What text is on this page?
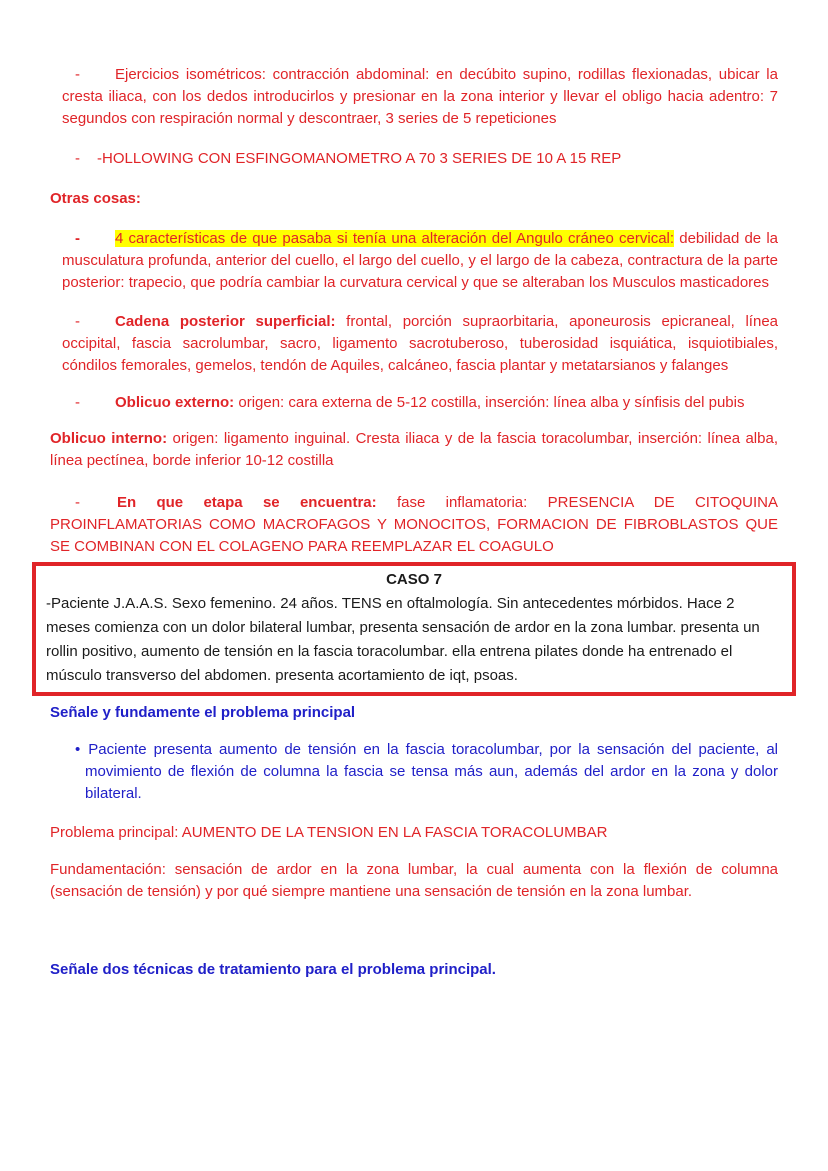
- Ejercicios isométricos: contracción abdominal: en decúbito supino, rodillas flexionadas, ubicar la cresta iliaca, con los dedos introducirlos y presionar en la zona interior y llevar el obligo hacia adentro: 7 segundos con respiración normal y descontraer, 3 series de 5 repeticiones

- -HOLLOWING CON ESFINGOMANOMETRO A 70 3 SERIES DE 10 A 15 REP

Otras cosas:

- 4 características de que pasaba si tenía una alteración del Angulo cráneo cervical: debilidad de la musculatura profunda, anterior del cuello, el largo del cuello, y el largo de la cabeza, contractura de la parte posterior: trapecio, que podría cambiar la curvatura cervical y que se alteraban los Musculos masticadores

- Cadena posterior superficial: frontal, porción supraorbitaria, aponeurosis epicraneal, línea occipital, fascia sacrolumbar, sacro, ligamento sacrotuberoso, tuberosidad isquiática, isquiotibiales, cóndilos femorales, gemelos, tendón de Aquiles, calcáneo, fascia plantar y metatarsianos y falanges

- Oblicuo externo: origen: cara externa de 5-12 costilla, inserción: línea alba y sínfisis del pubis

Oblicuo interno: origen: ligamento inguinal. Cresta iliaca y de la fascia toracolumbar, inserción: línea alba, línea pectínea, borde inferior 10-12 costilla

- En que etapa se encuentra: fase inflamatoria: PRESENCIA DE CITOQUINA PROINFLAMATORIAS COMO MACROFAGOS Y MONOCITOS, FORMACION DE FIBROBLASTOS QUE SE COMBINAN CON EL COLAGENO PARA REEMPLAZAR EL COAGULO

CASO 7

-Paciente J.A.A.S. Sexo femenino. 24 años. TENS en oftalmología. Sin antecedentes mórbidos. Hace 2 meses comienza con un dolor bilateral lumbar, presenta sensación de ardor en la zona lumbar. presenta un rollin positivo, aumento de tensión en la fascia toracolumbar. ella entrena pilates donde ha entrenado el músculo transverso del abdomen. presenta acortamiento de iqt, psoas.

Señale y fundamente el problema principal

• Paciente presenta aumento de tensión en la fascia toracolumbar, por la sensación del paciente, al movimiento de flexión de columna la fascia se tensa más aun, además del ardor en la zona y dolor bilateral.

Problema principal: AUMENTO DE LA TENSION EN LA FASCIA TORACOLUMBAR

Fundamentación: sensación de ardor en la zona lumbar, la cual aumenta con la flexión de columna (sensación de tensión) y por qué siempre mantiene una sensación de tensión en la zona lumbar.

Señale dos técnicas de tratamiento para el problema principal.
